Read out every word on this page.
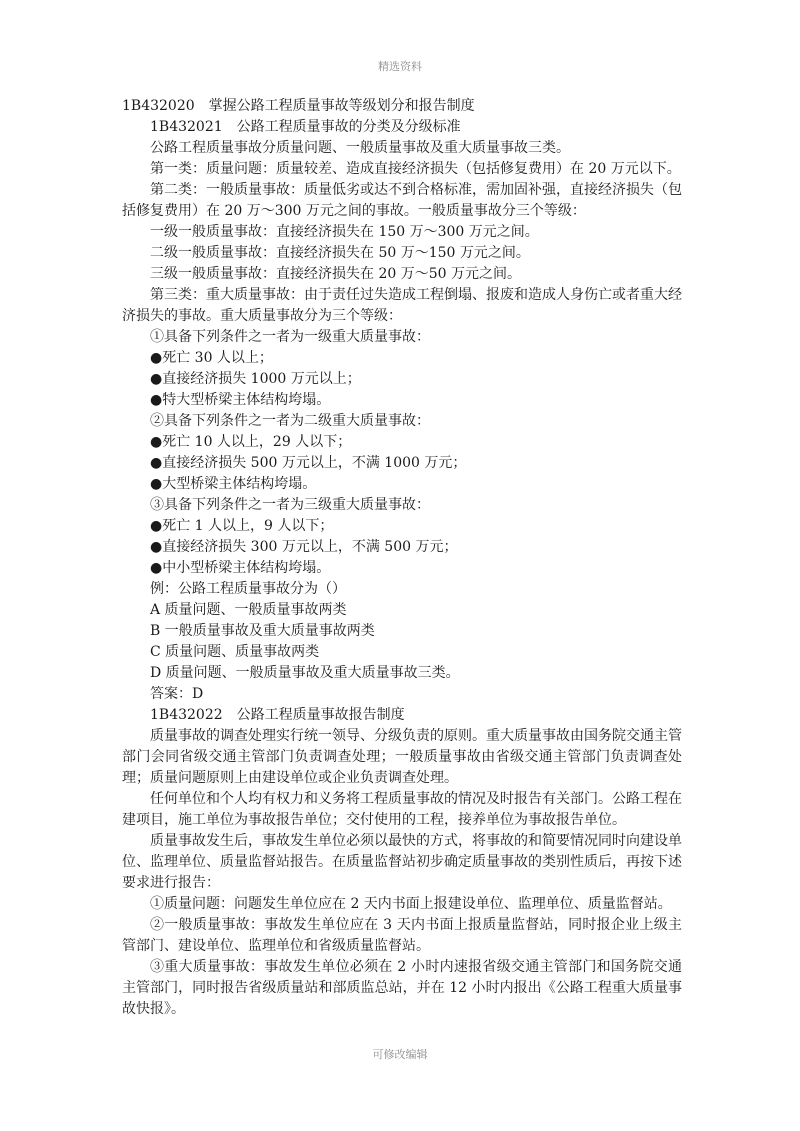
精选资料

1B432020　掌握公路工程质量事故等级划分和报告制度

1B432021　公路工程质量事故的分类及分级标准

公路工程质量事故分质量问题、一般质量事故及重大质量事故三类。

第一类：质量问题：质量较差、造成直接经济损失（包括修复费用）在 20 万元以下。

第二类：一般质量事故：质量低劣或达不到合格标准，需加固补强，直接经济损失（包括修复费用）在 20 万～300 万元之间的事故。一般质量事故分三个等级：

一级一般质量事故：直接经济损失在 150 万～300 万元之间。

二级一般质量事故：直接经济损失在 50 万～150 万元之间。

三级一般质量事故：直接经济损失在 20 万～50 万元之间。

第三类：重大质量事故：由于责任过失造成工程倒塌、报废和造成人身伤亡或者重大经济损失的事故。重大质量事故分为三个等级：

①具备下列条件之一者为一级重大质量事故：

●死亡 30 人以上；

●直接经济损失 1000 万元以上；

●特大型桥梁主体结构垮塌。

②具备下列条件之一者为二级重大质量事故：

●死亡 10 人以上，29 人以下；

●直接经济损失 500 万元以上，不满 1000 万元；

●大型桥梁主体结构垮塌。

③具备下列条件之一者为三级重大质量事故：

●死亡 1 人以上，9 人以下；

●直接经济损失 300 万元以上，不满 500 万元；

●中小型桥梁主体结构垮塌。

例：公路工程质量事故分为（）

A 质量问题、一般质量事故两类

B 一般质量事故及重大质量事故两类

C 质量问题、质量事故两类

D 质量问题、一般质量事故及重大质量事故三类。

答案：D

1B432022　公路工程质量事故报告制度

质量事故的调查处理实行统一领导、分级负责的原则。重大质量事故由国务院交通主管部门会同省级交通主管部门负责调查处理；一般质量事故由省级交通主管部门负责调查处理；质量问题原则上由建设单位或企业负责调查处理。

任何单位和个人均有权力和义务将工程质量事故的情况及时报告有关部门。公路工程在建项目，施工单位为事故报告单位；交付使用的工程，接养单位为事故报告单位。

质量事故发生后，事故发生单位必须以最快的方式，将事故的和简要情况同时向建设单位、监理单位、质量监督站报告。在质量监督站初步确定质量事故的类别性质后，再按下述要求进行报告：

①质量问题：问题发生单位应在 2 天内书面上报建设单位、监理单位、质量监督站。

②一般质量事故：事故发生单位应在 3 天内书面上报质量监督站，同时报企业上级主管部门、建设单位、监理单位和省级质量监督站。

③重大质量事故：事故发生单位必须在 2 小时内速报省级交通主管部门和国务院交通主管部门，同时报告省级质量站和部质监总站，并在 12 小时内报出《公路工程重大质量事故快报》。

可修改编辑
